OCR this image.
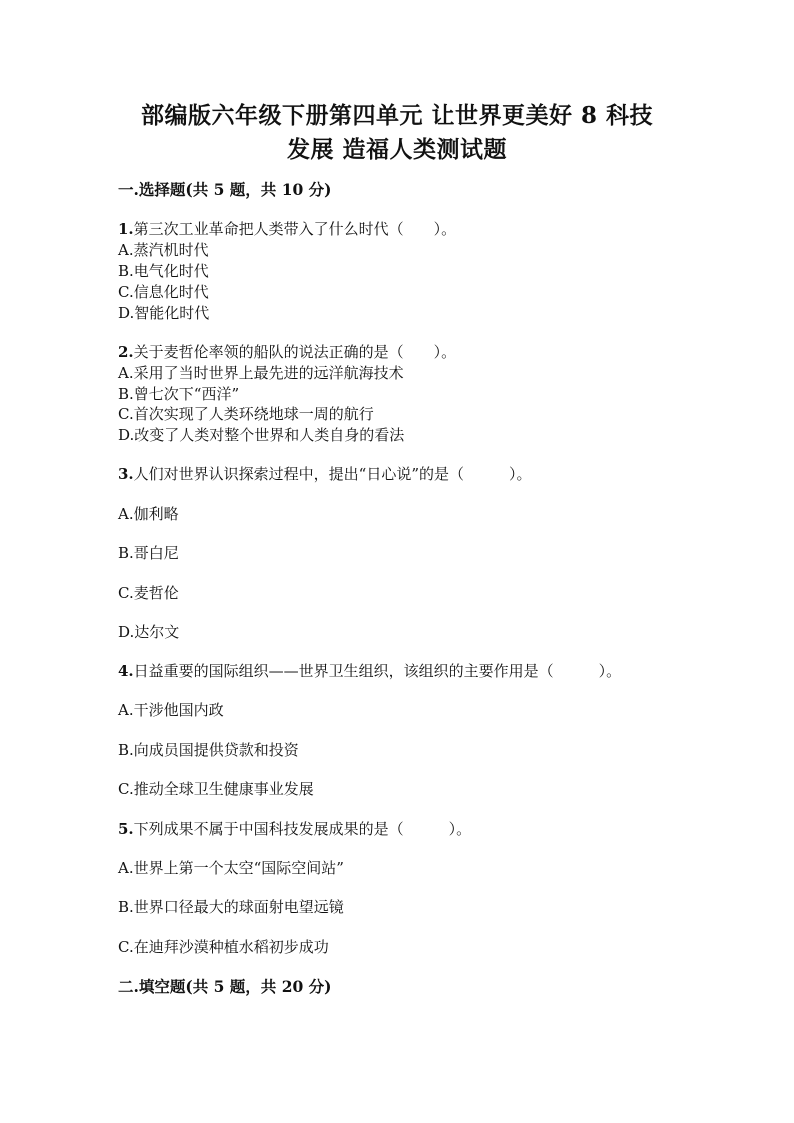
部编版六年级下册第四单元 让世界更美好 8 科技
发展 造福人类测试题
一.选择题(共 5 题，共 10 分)
1.第三次工业革命把人类带入了什么时代（　　）。
A.蒸汽机时代
B.电气化时代
C.信息化时代
D.智能化时代
2.关于麦哲伦率领的船队的说法正确的是（　　）。
A.采用了当时世界上最先进的远洋航海技术
B.曾七次下“西洋”
C.首次实现了人类环绕地球一周的航行
D.改变了人类对整个世界和人类自身的看法
3.人们对世界认识探索过程中，提出“日心说”的是（　　　）。
A.伽利略
B.哥白尼
C.麦哲伦
D.达尔文
4.日益重要的国际组织——世界卫生组织，该组织的主要作用是（　　　）。
A.干涉他国内政
B.向成员国提供贷款和投资
C.推动全球卫生健康事业发展
5.下列成果不属于中国科技发展成果的是（　　　）。
A.世界上第一个太空“国际空间站”
B.世界口径最大的球面射电望远镜
C.在迪拜沙漠种植水稻初步成功
二.填空题(共 5 题，共 20 分)
